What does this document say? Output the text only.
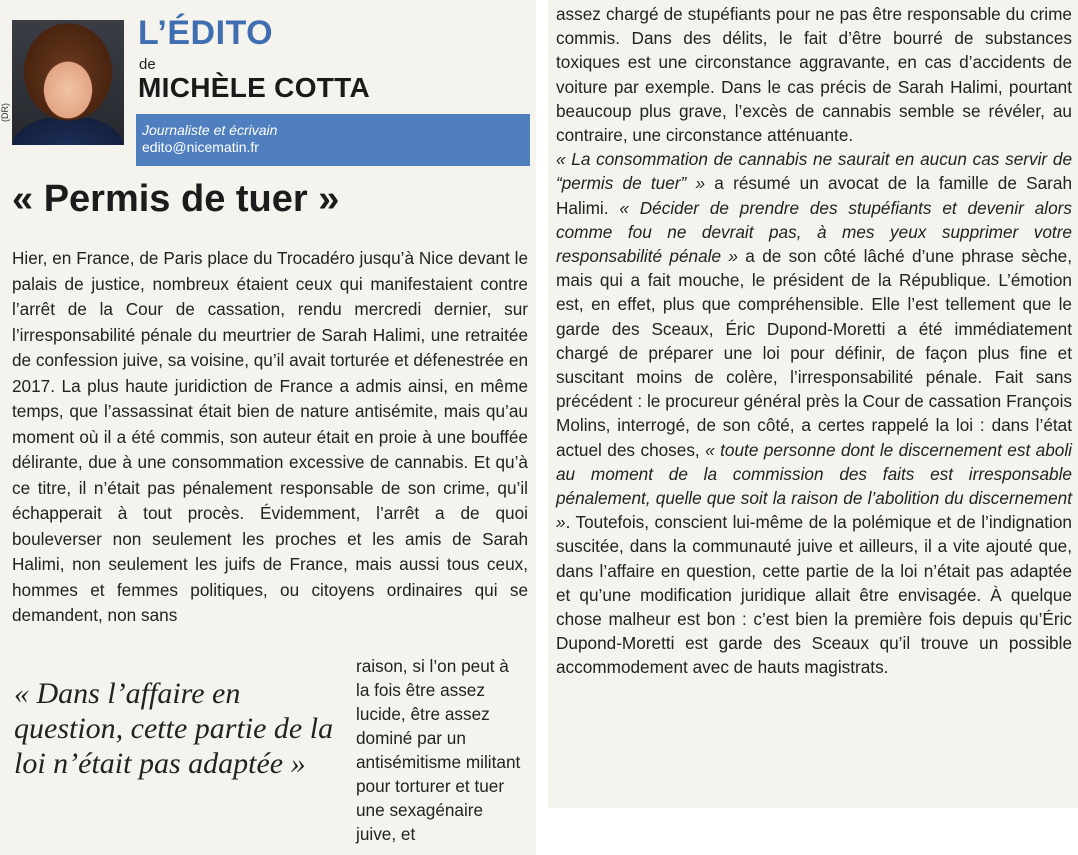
(DR)
L’ÉDITO
de
MICHÈLE COTTA
Journaliste et écrivain
edito@nicematin.fr
« Permis de tuer »

Hier, en France, de Paris place du Trocadéro jusqu’à Nice devant le palais de justice, nombreux étaient ceux qui manifestaient contre l’arrêt de la Cour de cassation, rendu mercredi dernier, sur l’irresponsabilité pénale du meurtrier de Sarah Halimi, une retraitée de confession juive, sa voisine, qu’il avait torturée et défenestrée en 2017. La plus haute juridiction de France a admis ainsi, en même temps, que l’assassinat était bien de nature antisémite, mais qu’au moment où il a été commis, son auteur était en proie à une bouffée délirante, due à une consommation excessive de cannabis. Et qu’à ce titre, il n’était pas pénalement responsable de son crime, qu’il échapperait à tout procès. Évidemment, l’arrêt a de quoi bouleverser non seulement les proches et les amis de Sarah Halimi, non seulement les juifs de France, mais aussi tous ceux, hommes et femmes politiques, ou citoyens ordinaires qui se demandent, non sans

« Dans l’affaire en question, cette partie de la loi n’était pas adaptée »

raison, si l’on peut à la fois être assez lucide, être assez dominé par un antisémitisme militant pour torturer et tuer une sexagénaire juive, et

assez chargé de stupéfiants pour ne pas être responsable du crime commis. Dans des délits, le fait d’être bourré de substances toxiques est une circonstance aggravante, en cas d’accidents de voiture par exemple. Dans le cas précis de Sarah Halimi, pourtant beaucoup plus grave, l’excès de cannabis semble se révéler, au contraire, une circonstance atténuante.
« La consommation de cannabis ne saurait en aucun cas servir de “permis de tuer” » a résumé un avocat de la famille de Sarah Halimi. « Décider de prendre des stupéfiants et devenir alors comme fou ne devrait pas, à mes yeux supprimer votre responsabilité pénale » a de son côté lâché d’une phrase sèche, mais qui a fait mouche, le président de la République. L’émotion est, en effet, plus que compréhensible. Elle l’est tellement que le garde des Sceaux, Éric Dupond-Moretti a été immédiatement chargé de préparer une loi pour définir, de façon plus fine et suscitant moins de colère, l’irresponsabilité pénale. Fait sans précédent : le procureur général près la Cour de cassation François Molins, interrogé, de son côté, a certes rappelé la loi : dans l’état actuel des choses, « toute personne dont le discernement est aboli au moment de la commission des faits est irresponsable pénalement, quelle que soit la raison de l’abolition du discernement ». Toutefois, conscient lui-même de la polémique et de l’indignation suscitée, dans la communauté juive et ailleurs, il a vite ajouté que, dans l’affaire en question, cette partie de la loi n’était pas adaptée et qu’une modification juridique allait être envisagée. À quelque chose malheur est bon : c’est bien la première fois depuis qu’Éric Dupond-Moretti est garde des Sceaux qu’il trouve un possible accommodement avec de hauts magistrats.
